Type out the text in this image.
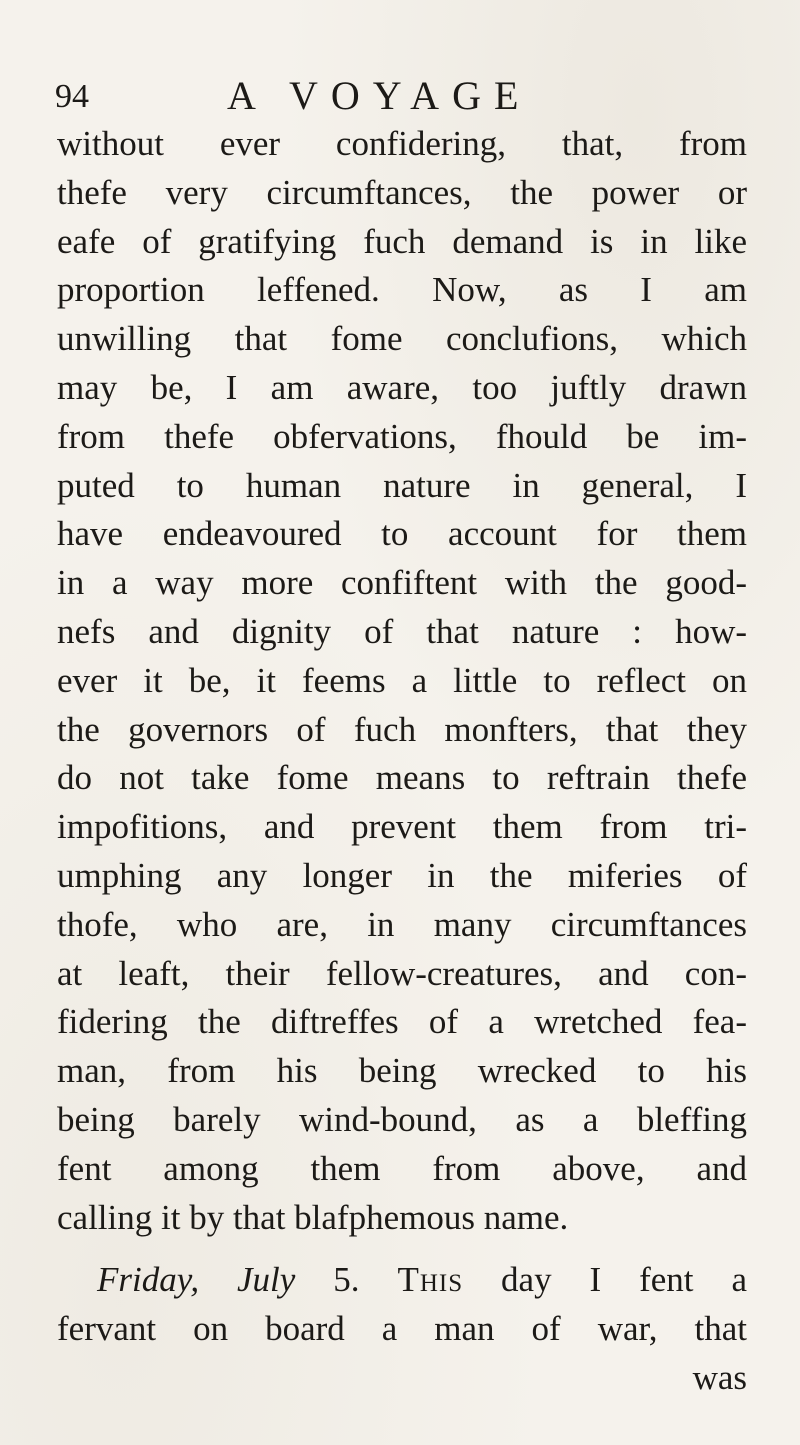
94	A VOYAGE
without ever confidering, that, from
thefe very circumftances, the power or
eafe of gratifying fuch demand is in like
proportion leffened. Now, as I am
unwilling that fome conclufions, which
may be, I am aware, too juftly drawn
from thefe obfervations, fhould be im-
puted to human nature in general, I
have endeavoured to account for them
in a way more confiftent with the good-
nefs and dignity of that nature : how-
ever it be, it feems a little to reflect on
the governors of fuch monfters, that they
do not take fome means to reftrain thefe
impofitions, and prevent them from tri-
umphing any longer in the miferies of
thofe, who are, in many circumftances
at leaft, their fellow-creatures, and con-
fidering the diftreffes of a wretched fea-
man, from his being wrecked to his
being barely wind-bound, as a bleffing
fent among them from above, and
calling it by that blafphemous name.
Friday, July 5. This day I fent a
fervant on board a man of war, that
was
